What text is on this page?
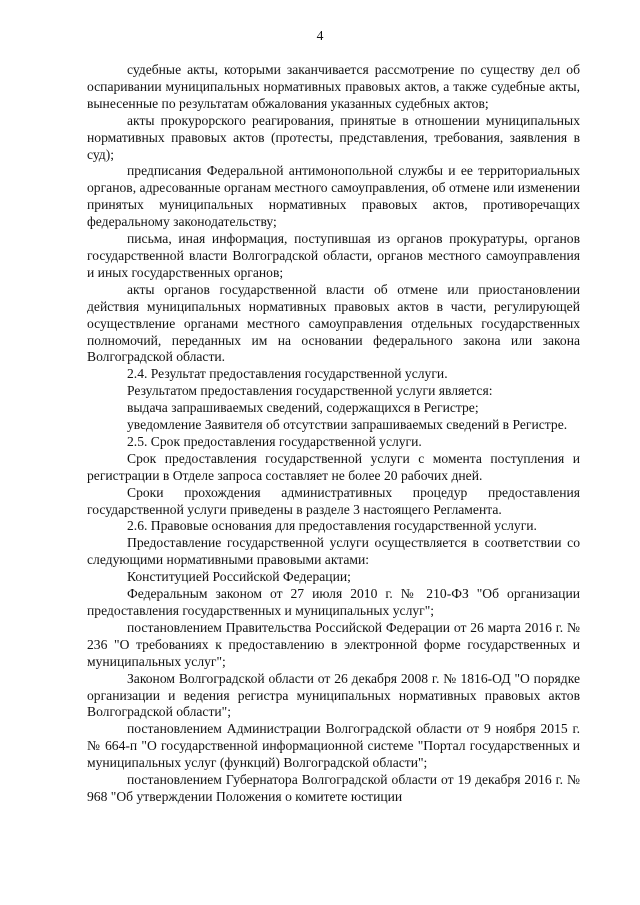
4

судебные акты, которыми заканчивается рассмотрение по существу дел об оспаривании муниципальных нормативных правовых актов, а также судебные акты, вынесенные по результатам обжалования указанных судебных актов;

акты прокурорского реагирования, принятые в отношении муниципальных нормативных правовых актов (протесты, представления, требования, заявления в суд);

предписания Федеральной антимонопольной службы и ее территориальных органов, адресованные органам местного самоуправления, об отмене или изменении принятых муниципальных нормативных правовых актов, противоречащих федеральному законодательству;

письма, иная информация, поступившая из органов прокуратуры, органов государственной власти Волгоградской области, органов местного самоуправления и иных государственных органов;

акты органов государственной власти об отмене или приостановлении действия муниципальных нормативных правовых актов в части, регулирующей осуществление органами местного самоуправления отдельных государственных полномочий, переданных им на основании федерального закона или закона Волгоградской области.

2.4. Результат предоставления государственной услуги.

Результатом предоставления государственной услуги является:

выдача запрашиваемых сведений, содержащихся в Регистре;

уведомление Заявителя об отсутствии запрашиваемых сведений в Регистре.

2.5. Срок предоставления государственной услуги.

Срок предоставления государственной услуги с момента поступления и регистрации в Отделе запроса составляет не более 20 рабочих дней.

Сроки прохождения административных процедур предоставления государственной услуги приведены в разделе 3 настоящего Регламента.

2.6. Правовые основания для предоставления государственной услуги.

Предоставление государственной услуги осуществляется в соответствии со следующими нормативными правовыми актами:

Конституцией Российской Федерации;

Федеральным законом от 27 июля 2010 г. № 210-ФЗ "Об организации предоставления государственных и муниципальных услуг";

постановлением Правительства Российской Федерации от 26 марта 2016 г. № 236 "О требованиях к предоставлению в электронной форме государственных и муниципальных услуг";

Законом Волгоградской области от 26 декабря 2008 г. № 1816-ОД "О порядке организации и ведения регистра муниципальных нормативных правовых актов Волгоградской области";

постановлением Администрации Волгоградской области от 9 ноября 2015 г. № 664-п "О государственной информационной системе "Портал государственных и муниципальных услуг (функций) Волгоградской области";

постановлением Губернатора Волгоградской области от 19 декабря 2016 г. № 968 "Об утверждении Положения о комитете юстиции
